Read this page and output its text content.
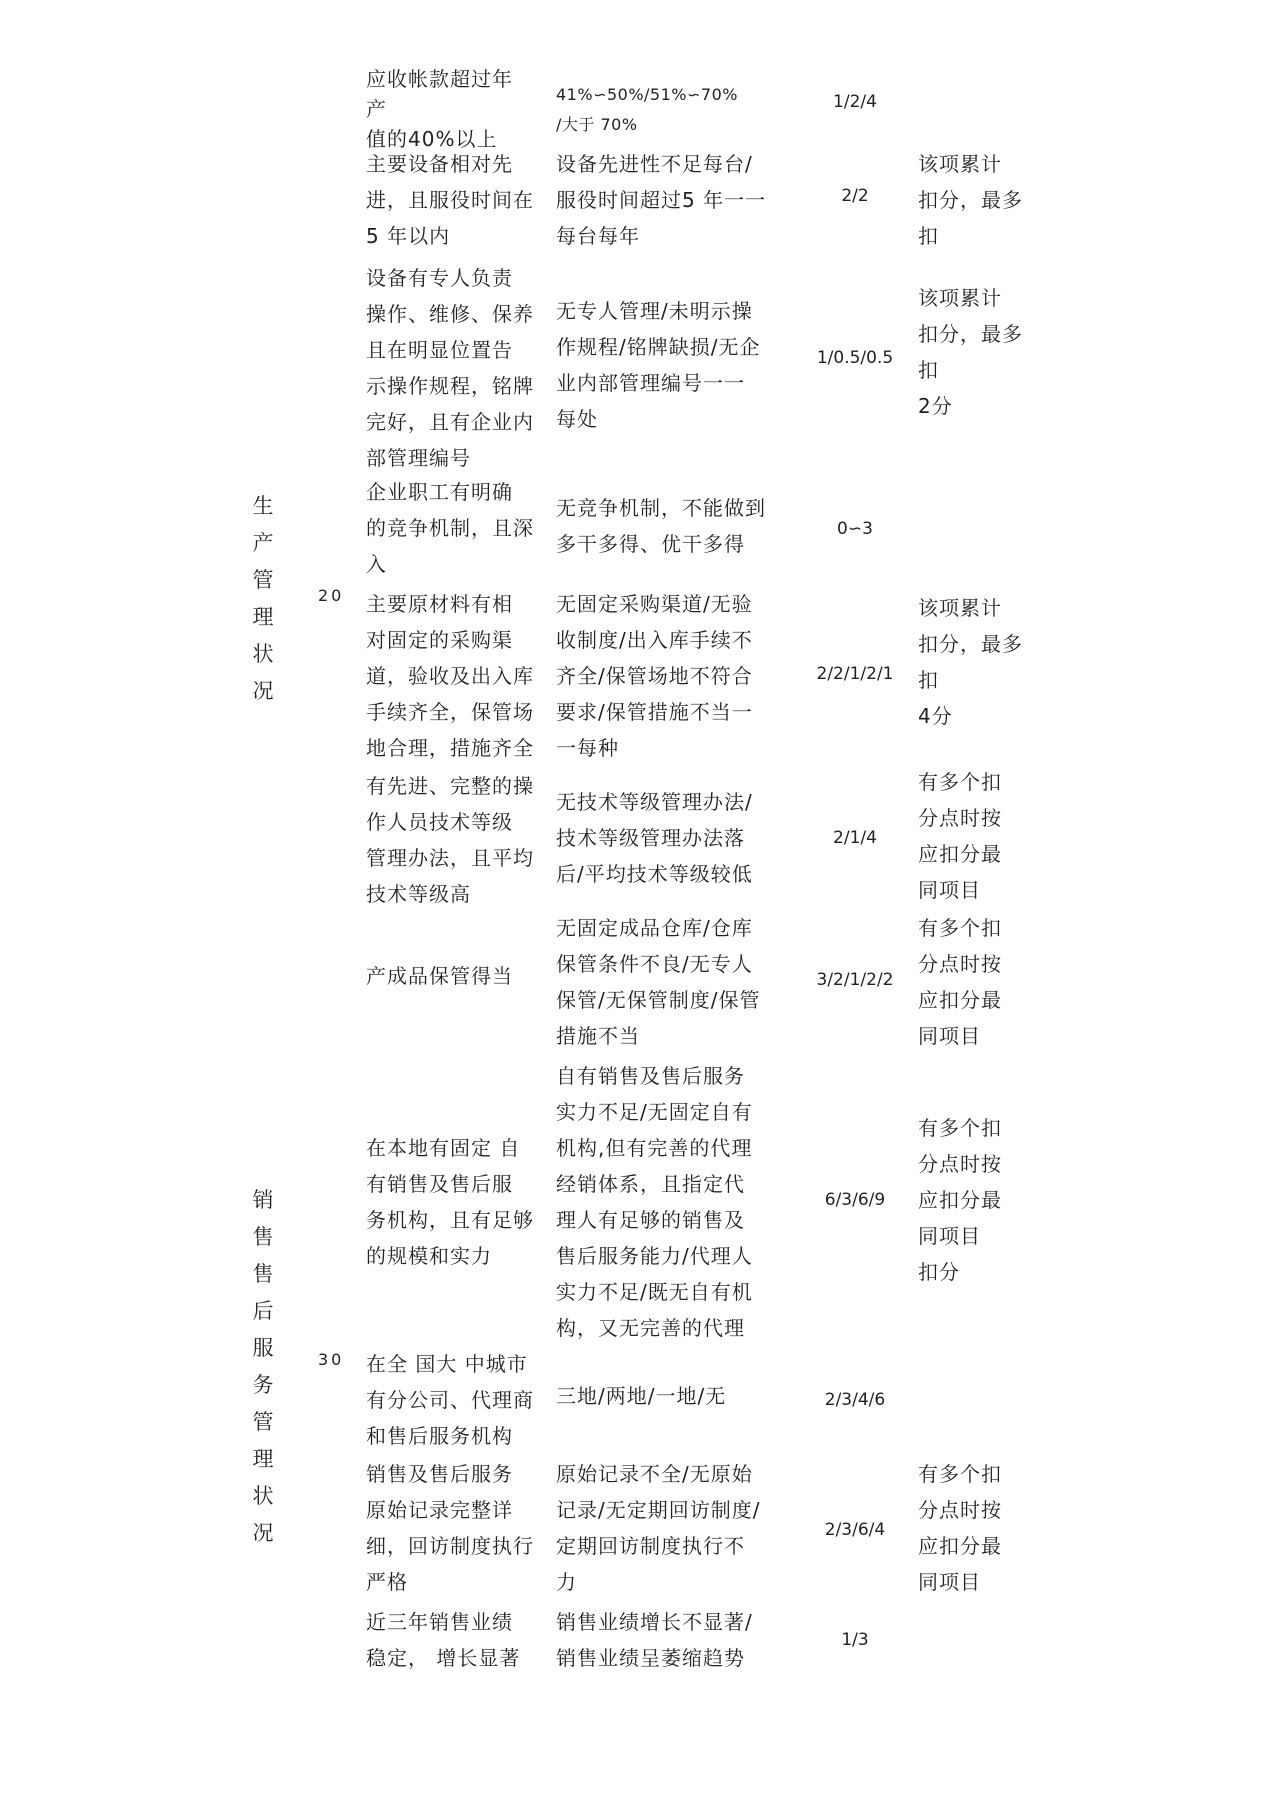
生
产
管
理
状
况
20
销
售
售
后
服
务
管
理
状
况
30
应收帐款超过年
产
值的40%以上
41%∽50%/51%∽70%
/大于 70%
1/2/4
主要设备相对先
进，且服役时间在
5 年以内
设备先进性不足每台/
服役时间超过5 年一一
每台每年
2/2
该项累计
扣分，最多
扣
设备有专人负责
操作、维修、保养
且在明显位置告
示操作规程，铭牌
完好，且有企业内
部管理编号
无专人管理/未明示操
作规程/铭牌缺损/无企
业内部管理编号一一
每处
1/0.5/0.5
该项累计
扣分，最多
扣
2分
企业职工有明确
的竞争机制，且深
入
无竞争机制，不能做到
多干多得、优干多得
0∽3
主要原材料有相
对固定的采购渠
道，验收及出入库
手续齐全，保管场
地合理，措施齐全
无固定采购渠道/无验
收制度/出入库手续不
齐全/保管场地不符合
要求/保管措施不当一
一每种
2/2/1/2/1
该项累计
扣分，最多
扣
4分
有先进、完整的操
作人员技术等级
管理办法，且平均
技术等级高
无技术等级管理办法/
技术等级管理办法落
后/平均技术等级较低
2/1/4
有多个扣
分点时按
应扣分最
同项目
产成品保管得当
无固定成品仓库/仓库
保管条件不良/无专人
保管/无保管制度/保管
措施不当
3/2/1/2/2
有多个扣
分点时按
应扣分最
同项目
在本地有固定 自
有销售及售后服
务机构，且有足够
的规模和实力
自有销售及售后服务
实力不足/无固定自有
机构,但有完善的代理
经销体系，且指定代
理人有足够的销售及
售后服务能力/代理人
实力不足/既无自有机
构，又无完善的代理
6/3/6/9
有多个扣
分点时按
应扣分最
同项目
扣分
在全 国大 中城市
有分公司、代理商
和售后服务机构
三地/两地/一地/无	2/3/4/6
销售及售后服务
原始记录完整详
细，回访制度执行
严格
原始记录不全/无原始
记录/无定期回访制度/
定期回访制度执行不
力
2/3/6/4
有多个扣
分点时按
应扣分最
同项目
近三年销售业绩
稳定， 增长显著
销售业绩增长不显著/
销售业绩呈萎缩趋势
1/3
